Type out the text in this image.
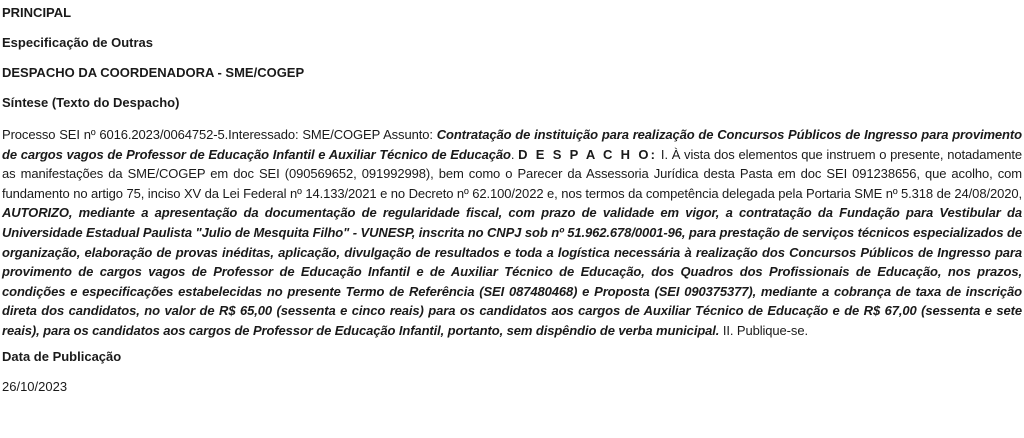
PRINCIPAL
Especificação de Outras
DESPACHO DA COORDENADORA - SME/COGEP
Síntese (Texto do Despacho)

Processo SEI nº 6016.2023/0064752-5.Interessado: SME/COGEP Assunto: Contratação de instituição para realização de Concursos Públicos de Ingresso para provimento de cargos vagos de Professor de Educação Infantil e Auxiliar Técnico de Educação. D E S P A C H O: I. À vista dos elementos que instruem o presente, notadamente as manifestações da SME/COGEP em doc SEI (090569652, 091992998), bem como o Parecer da Assessoria Jurídica desta Pasta em doc SEI 091238656, que acolho, com fundamento no artigo 75, inciso XV da Lei Federal nº 14.133/2021 e no Decreto nº 62.100/2022 e, nos termos da competência delegada pela Portaria SME nº 5.318 de 24/08/2020, AUTORIZO, mediante a apresentação da documentação de regularidade fiscal, com prazo de validade em vigor, a contratação da Fundação para Vestibular da Universidade Estadual Paulista "Julio de Mesquita Filho" - VUNESP, inscrita no CNPJ sob nº 51.962.678/0001-96, para prestação de serviços técnicos especializados de organização, elaboração de provas inéditas, aplicação, divulgação de resultados e toda a logística necessária à realização dos Concursos Públicos de Ingresso para provimento de cargos vagos de Professor de Educação Infantil e de Auxiliar Técnico de Educação, dos Quadros dos Profissionais de Educação, nos prazos, condições e especificações estabelecidas no presente Termo de Referência (SEI 087480468) e Proposta (SEI 090375377), mediante a cobrança de taxa de inscrição direta dos candidatos, no valor de R$ 65,00 (sessenta e cinco reais) para os candidatos aos cargos de Auxiliar Técnico de Educação e de R$ 67,00 (sessenta e sete reais), para os candidatos aos cargos de Professor de Educação Infantil, portanto, sem dispêndio de verba municipal. II. Publique-se.

Data de Publicação
26/10/2023
